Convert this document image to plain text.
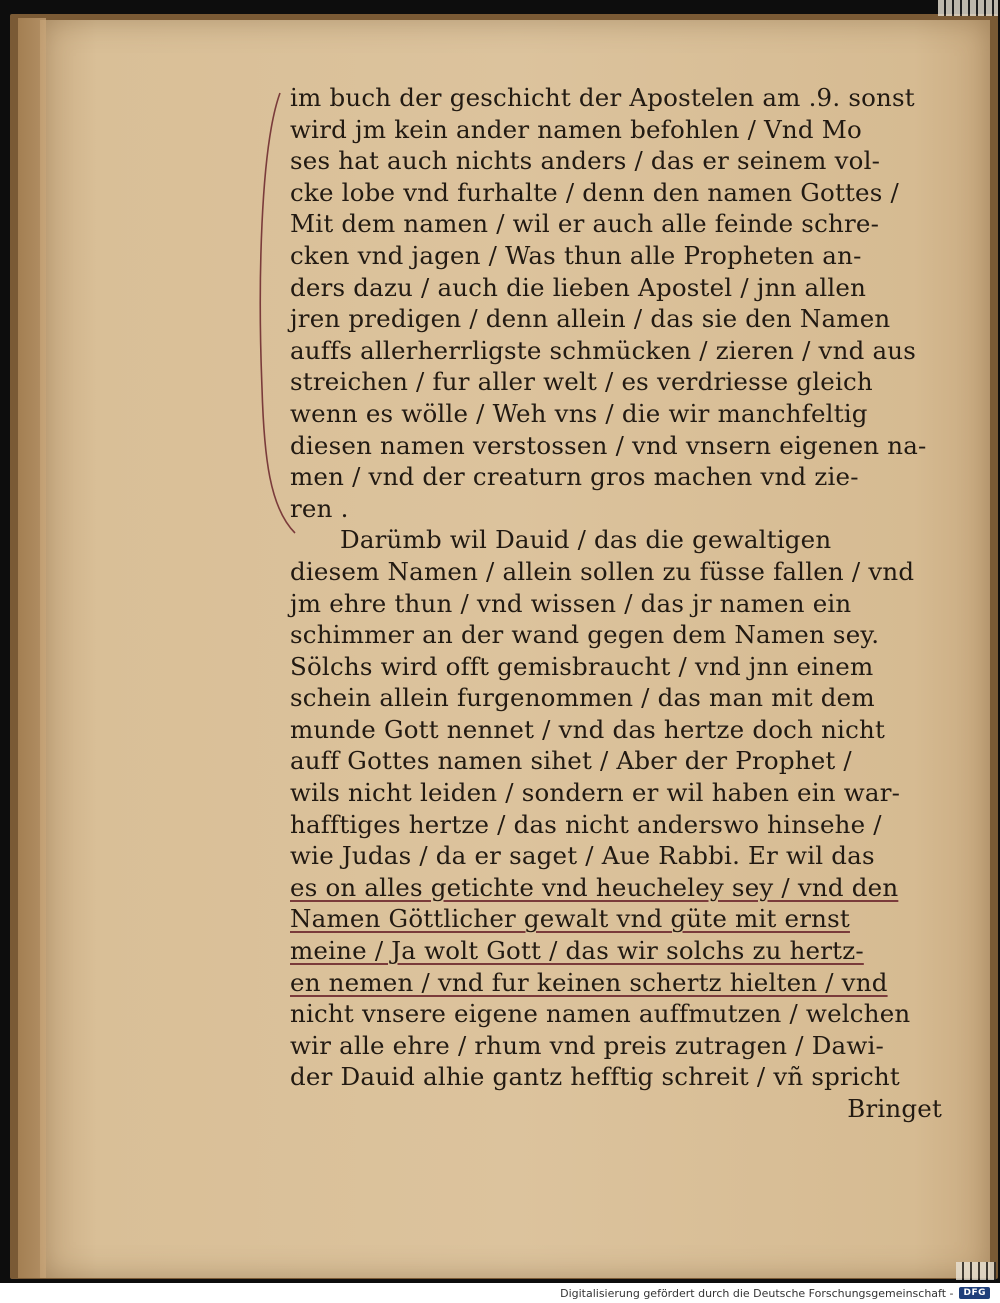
im buch der geschicht der Apostelen am .9. sonst
wird jm kein ander namen befohlen / Vnd Mo
ses hat auch nichts anders / das er seinem vol-
cke lobe vnd furhalte / denn den namen Gottes /
Mit dem namen / wil er auch alle feinde schre-
cken vnd jagen / Was thun alle Propheten an-
ders dazu / auch die lieben Apostel / jnn allen
jren predigen / denn allein / das sie den Namen
auffs allerherrligste schmücken / zieren / vnd aus
streichen / fur aller welt / es verdriesse gleich
wenn es wölle / Weh vns / die wir manchfeltig
diesen namen verstossen / vnd vnsern eigenen na-
men / vnd der creaturn gros machen vnd zie-
ren .
Darümb wil Dauid / das die gewaltigen
diesem Namen / allein sollen zu füsse fallen / vnd
jm ehre thun / vnd wissen / das jr namen ein
schimmer an der wand gegen dem Namen sey.
Sölchs wird offt gemisbraucht / vnd jnn einem
schein allein furgenommen / das man mit dem
munde Gott nennet / vnd das hertze doch nicht
auff Gottes namen sihet / Aber der Prophet /
wils nicht leiden / sondern er wil haben ein war-
hafftiges hertze / das nicht anderswo hinsehe /
wie Judas / da er saget / Aue Rabbi. Er wil das
es on alles getichte vnd heucheley sey / vnd den
Namen Göttlicher gewalt vnd güte mit ernst
meine / Ja wolt Gott / das wir solchs zu hertz-
en nemen / vnd fur keinen schertz hielten / vnd
nicht vnsere eigene namen auffmutzen / welchen
wir alle ehre / rhum vnd preis zutragen / Dawi-
der Dauid alhie gantz hefftig schreit / vñ spricht
Bringet
Digitalisierung gefördert durch die Deutsche Forschungsgemeinschaft -	DFG
